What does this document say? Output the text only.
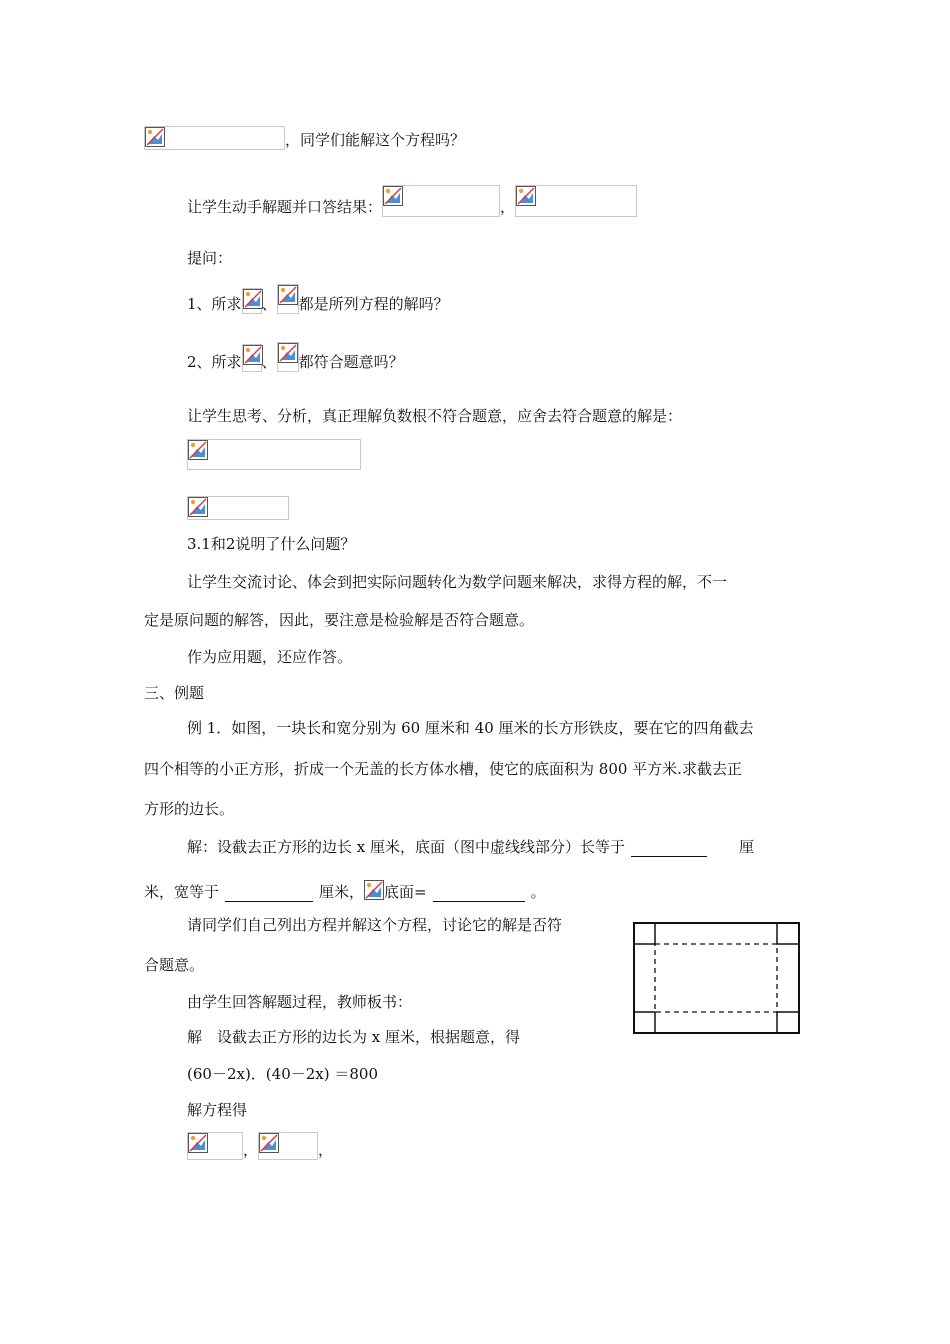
，同学们能解这个方程吗？
让学生动手解题并口答结果：	，
提问：
1、所求 、 都是所列方程的解吗？
2、所求 、 都符合题意吗？
让学生思考、分析，真正理解负数根不符合题意，应舍去符合题意的解是：
3.1和2说明了什么问题？
让学生交流讨论、体会到把实际问题转化为数学问题来解决，求得方程的解，不一
定是原问题的解答，因此，要注意是检验解是否符合题意。
作为应用题，还应作答。
三、例题
例 1．如图，一块长和宽分别为 60 厘米和 40 厘米的长方形铁皮，要在它的四角截去
四个相等的小正方形，折成一个无盖的长方体水槽，使它的底面积为 800 平方米.求截去正
方形的边长。
解：设截去正方形的边长 x 厘米，底面（图中虚线线部分）长等于	厘
米，宽等于	厘米， 底面=	。
请同学们自己列出方程并解这个方程，讨论它的解是否符
合题意。
由学生回答解题过程，教师板书：
解　设截去正方形的边长为 x 厘米，根据题意，得
(60－2x)．(40－2x) ＝800
解方程得
，	，
